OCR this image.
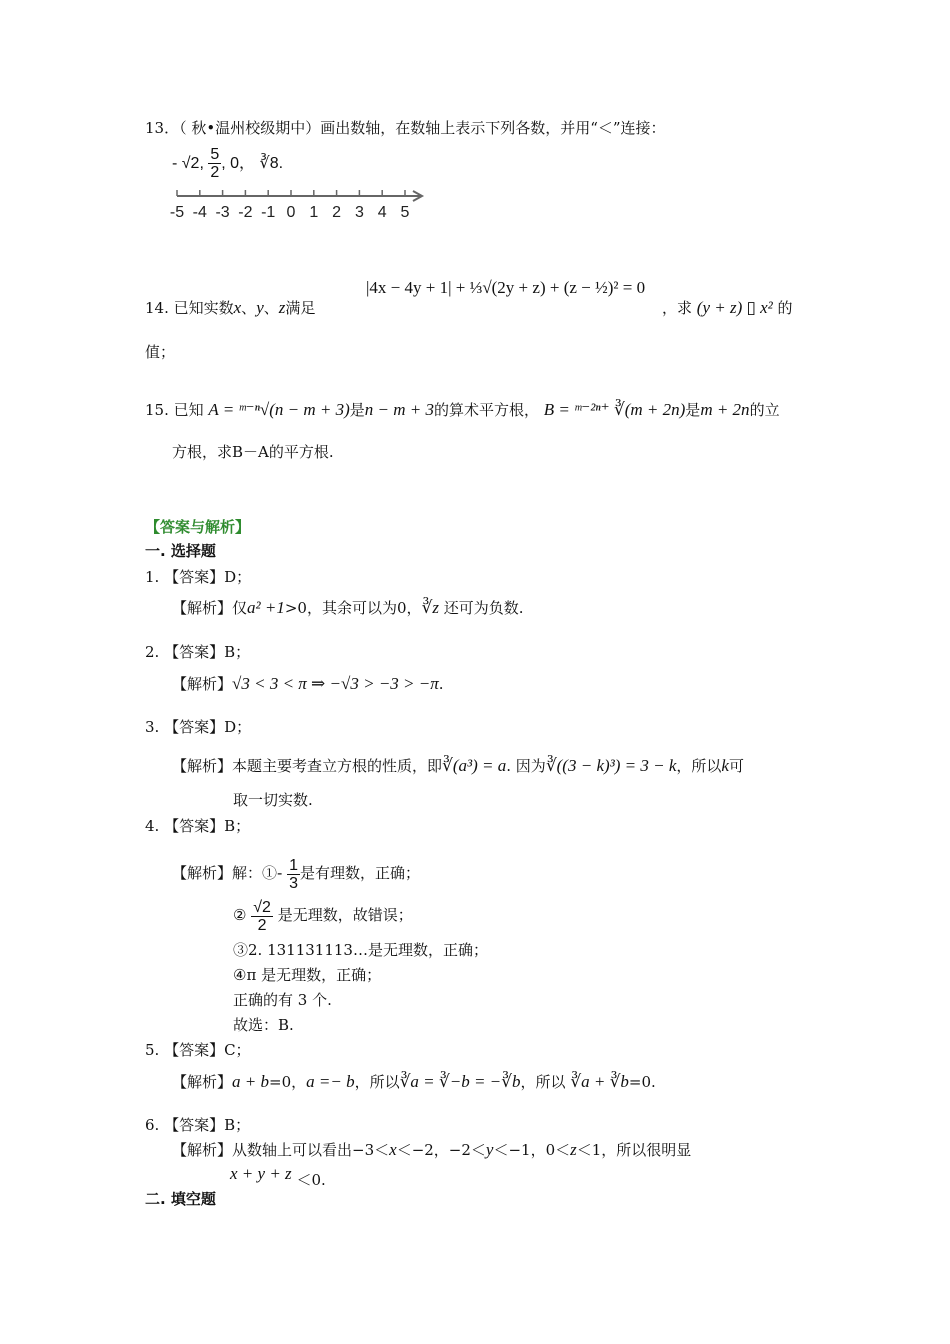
13．（ 秋•温州校级期中）画出数轴，在数轴上表示下列各数，并用“＜”连接：
- √2, $\frac{5}{2}$ , 0， ∛8.
-5 -4 -3 -2 -1 0 1 2 3 4 5
14. 已知实数x、y、z满足
|4x − 4y + 1| + ⅓√(2y + z) + (z − ½)² = 0
，求 (y + z) ▯ x² 的
值；
15. 已知 A = ᵐ⁻ⁿ√(n − m + 3)是n − m + 3的算术平方根， B = ᵐ⁻²ⁿ⁺ ∛(m + 2n)是m + 2n的立
方根，求B－A的平方根.
【答案与解析】
一. 选择题
1. 【答案】D；
【解析】仅a² +1>0，其余可以为0，∛z 还可为负数.
2. 【答案】B；
【解析】√3 < 3 < π ⇒ −√3 > −3 > −π.
3. 【答案】D；
【解析】本题主要考查立方根的性质，即∛(a³) = a. 因为∛((3 − k)³) = 3 − k，所以k可
取一切实数.
4. 【答案】B；
【解析】解：①- $\frac{1}{3}$ 是有理数，正确；
② $\frac{√2}{2}$ 是无理数，故错误；
③2. 131131113…是无理数，正确；
④π 是无理数，正确；
正确的有 3 个.
故选：B.
5. 【答案】C；
【解析】a + b=0，a =− b，所以∛a = ∛−b = −∛b，所以 ∛a + ∛b=0.
6. 【答案】B；
【解析】从数轴上可以看出−3＜x＜−2，−2＜y＜−1，0＜z＜1，所以很明显
x + y + z ＜0.
二. 填空题
